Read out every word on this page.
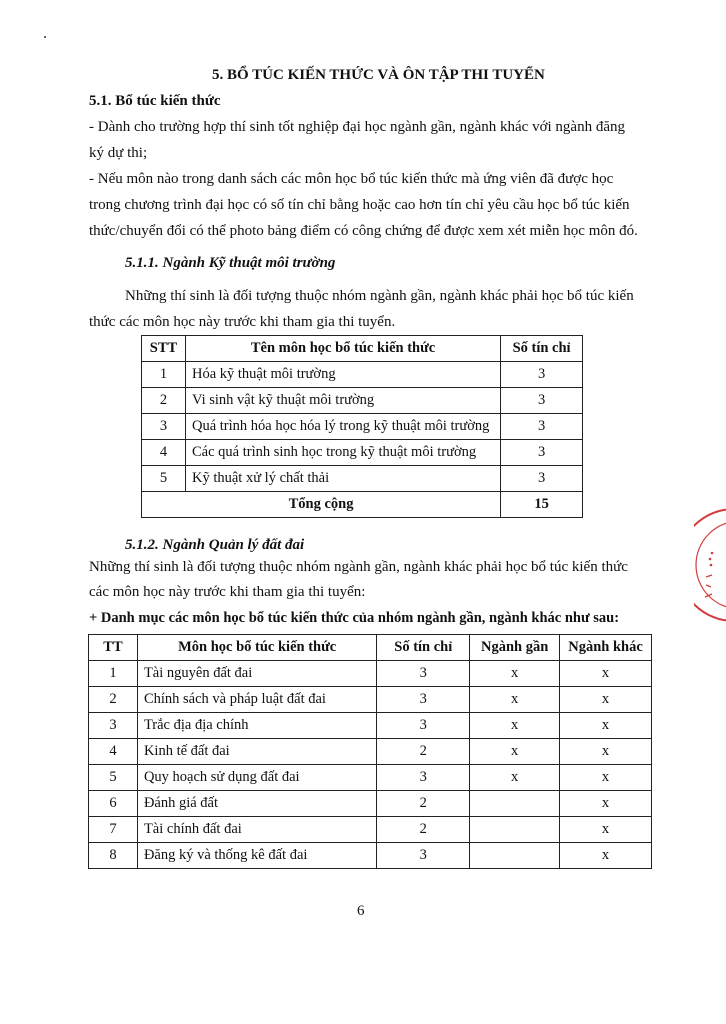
5. BỔ TÚC KIẾN THỨC VÀ ÔN TẬP THI TUYỂN
5.1. Bổ túc kiến thức
- Dành cho trường hợp thí sinh tốt nghiệp đại học ngành gần, ngành khác với ngành đăng
ký dự thi;
- Nếu môn nào trong danh sách các môn học bổ túc kiến thức mà ứng viên đã được học
trong chương trình đại học có số tín chỉ bằng hoặc cao hơn tín chỉ yêu cầu học bổ túc kiến
thức/chuyển đổi có thể photo bảng điểm có công chứng để được xem xét miễn học môn đó.
5.1.1. Ngành Kỹ thuật môi trường
Những thí sinh là đối tượng thuộc nhóm ngành gần, ngành khác phải học bổ túc kiến
thức các môn học này trước khi tham gia thi tuyển.
STT	Tên môn học bổ túc kiến thức	Số tín chỉ
1	Hóa kỹ thuật môi trường	3
2	Vi sinh vật kỹ thuật môi trường	3
3	Quá trình hóa học hóa lý trong kỹ thuật môi trường	3
4	Các quá trình sinh học trong kỹ thuật môi trường	3
5	Kỹ thuật xử lý chất thải	3
Tổng cộng		15
5.1.2. Ngành Quản lý đất đai
Những thí sinh là đối tượng thuộc nhóm ngành gần, ngành khác phải học bổ túc kiến thức
các môn học này trước khi tham gia thi tuyển:
+ Danh mục các môn học bổ túc kiến thức của nhóm ngành gần, ngành khác như sau:
TT	Môn học bổ túc kiến thức	Số tín chỉ	Ngành gần	Ngành khác
1	Tài nguyên đất đai	3	x	x
2	Chính sách và pháp luật đất đai	3	x	x
3	Trắc địa địa chính	3	x	x
4	Kinh tế đất đai	2	x	x
5	Quy hoạch sử dụng đất đai	3	x	x
6	Đánh giá đất	2		x
7	Tài chính đất đai	2		x
8	Đăng ký và thống kê đất đai	3		x
6
